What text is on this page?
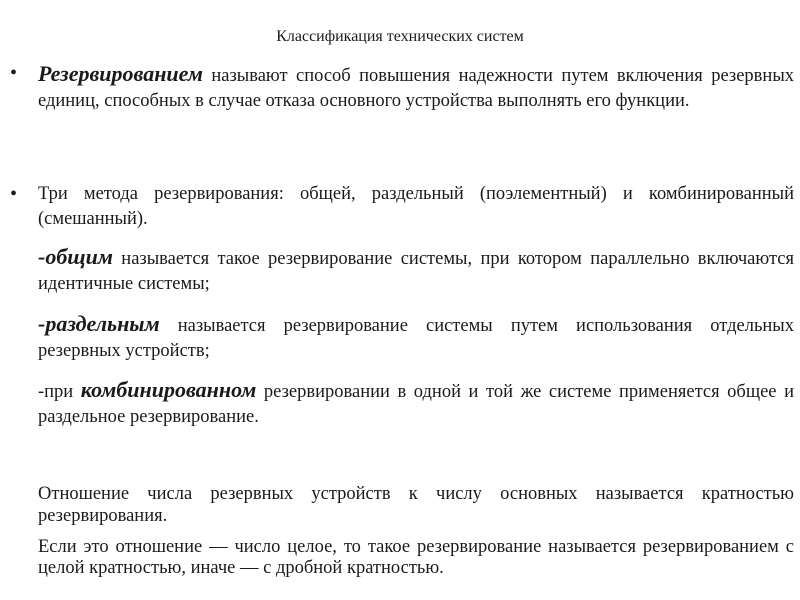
Классификация технических систем
• Резервированием называют способ повышения надежности путем включения резервных единиц, способных в случае отказа основного устройства выполнять его функции.
• Три метода резервирования: общей, раздельный (поэлементный) и комбинированный (смешанный).
-общим называется такое резервирование системы, при котором параллельно включаются идентичные системы;
-раздельным называется резервирование системы путем использования отдельных резервных устройств;
-при комбинированном резервировании в одной и той же системе применяется общее и раздельное резервирование.
Отношение числа резервных устройств к числу основных называется кратностью резервирования.
Если это отношение — число целое, то такое резервирование называется резервированием с целой кратностью, иначе — с дробной кратностью.
